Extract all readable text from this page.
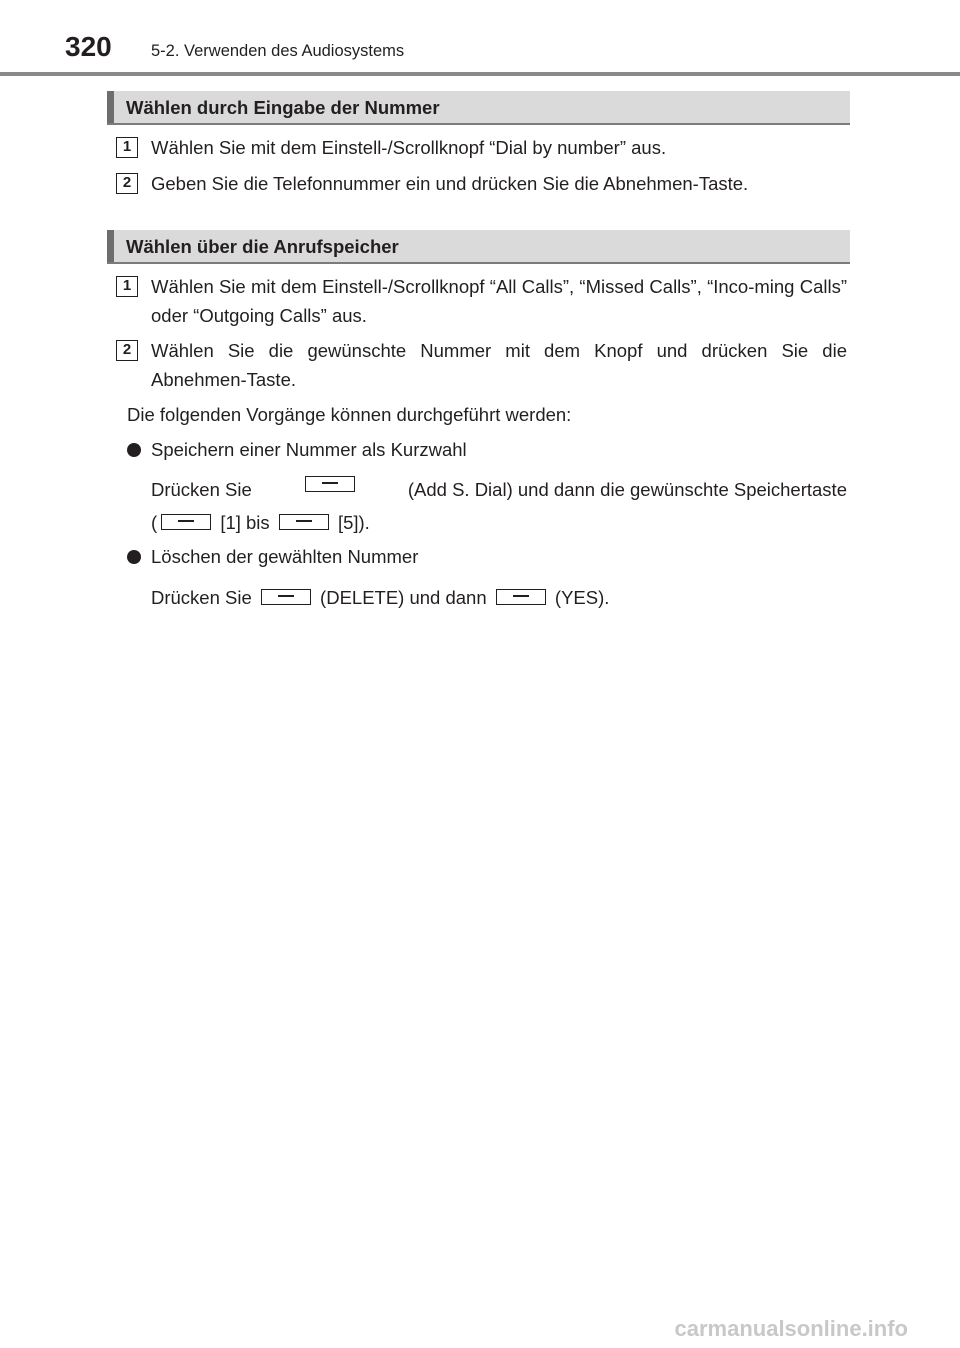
320 5-2. Verwenden des Audiosystems
Wählen durch Eingabe der Nummer
1	Wählen Sie mit dem Einstell-/Scrollknopf “Dial by number” aus.
2	Geben Sie die Telefonnummer ein und drücken Sie die Abnehmen-Taste.
Wählen über die Anrufspeicher
1	Wählen Sie mit dem Einstell-/Scrollknopf “All Calls”, “Missed Calls”, “Inco-ming Calls” oder “Outgoing Calls” aus.
2	Wählen Sie die gewünschte Nummer mit dem Knopf und drücken Sie die Abnehmen-Taste.
Die folgenden Vorgänge können durchgeführt werden:
Speichern einer Nummer als Kurzwahl
Drücken Sie	(Add S. Dial) und dann die gewünschte Speichertaste
(	[1] bis	[5]).
Löschen der gewählten Nummer
Drücken Sie	(DELETE) und dann	(YES).
carmanualsonline.info
